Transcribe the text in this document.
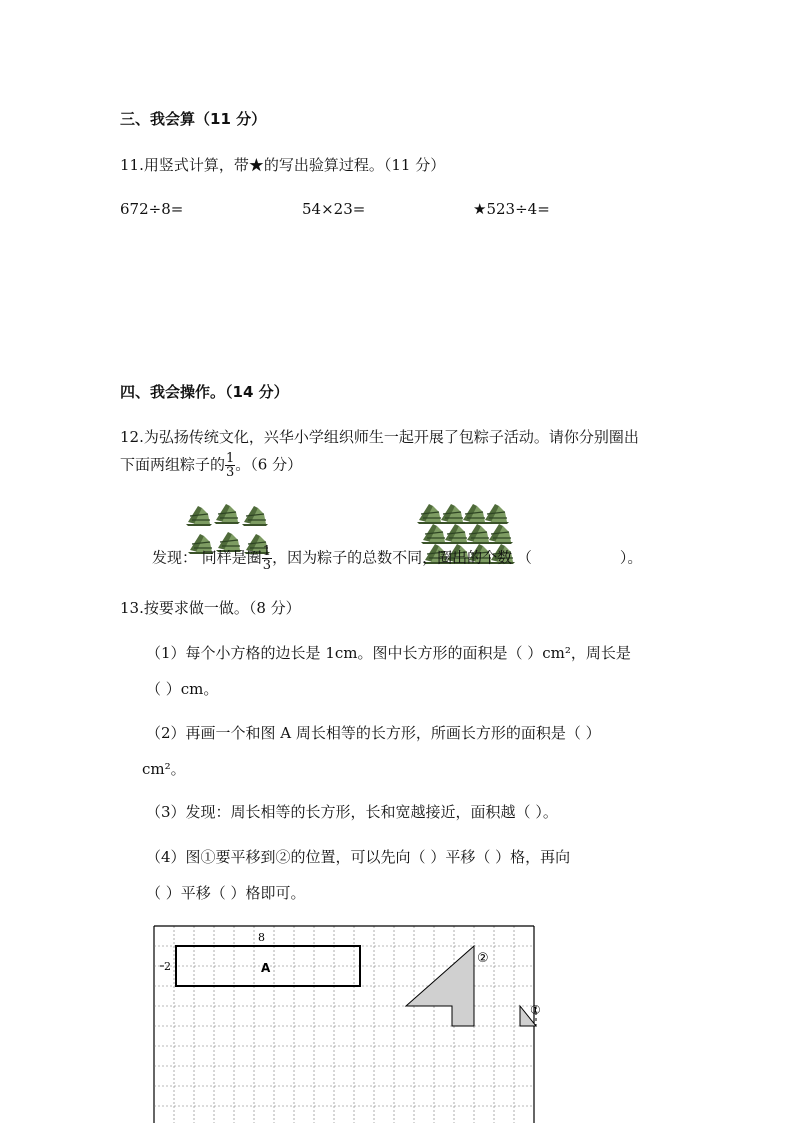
三、我会算（11 分）
11.用竖式计算，带★的写出验算过程。（11 分）
672÷8=	54×23=	★523÷4=
四、我会操作。（14 分）
12.为弘扬传统文化，兴华小学组织师生一起开展了包粽子活动。请你分别圈出
下面两组粽子的 $\frac{1}{3}$ 。（6 分）
发现： 同样是圈 $\frac{1}{3}$ ，因为粽子的总数不同，圈出的个数 （	）。
13.按要求做一做。（8 分）
（1）每个小方格的边长是 1cm。图中长方形的面积是（ ）cm²，周长是
（ ）cm。
（2）再画一个和图 A 周长相等的长方形，所画长方形的面积是（ ）
cm²。
（3）发现：周长相等的长方形，长和宽越接近，面积越（ ）。
（4）图①要平移到②的位置，可以先向（ ）平移（ ）格，再向
（ ）平移（ ）格即可。
8
2	A
②
①
